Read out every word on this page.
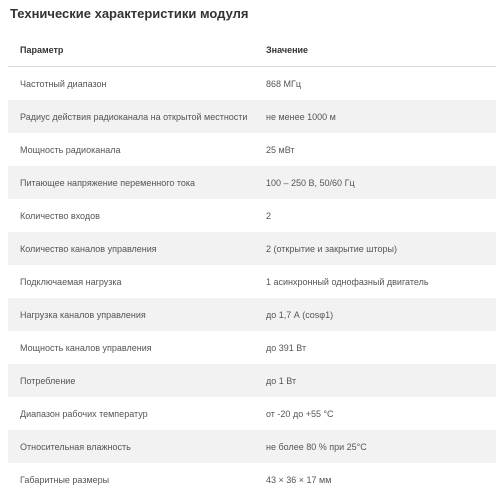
Технические характеристики модуля
Параметр	Значение
Частотный диапазон	868 МГц
Радиус действия радиоканала на открытой местности	не менее 1000 м
Мощность радиоканала	25 мВт
Питающее напряжение переменного тока	100 – 250 В, 50/60 Гц
Количество входов	2
Количество каналов управления	2 (открытие и закрытие шторы)
Подключаемая нагрузка	1 асинхронный однофазный двигатель
Нагрузка каналов управления	до 1,7 А (cosφ1)
Мощность каналов управления	до 391 Вт
Потребление	до 1 Вт
Диапазон рабочих температур	от -20 до +55 °С
Относительная влажность	не более 80 % при 25°C
Габаритные размеры	43 × 36 × 17 мм
